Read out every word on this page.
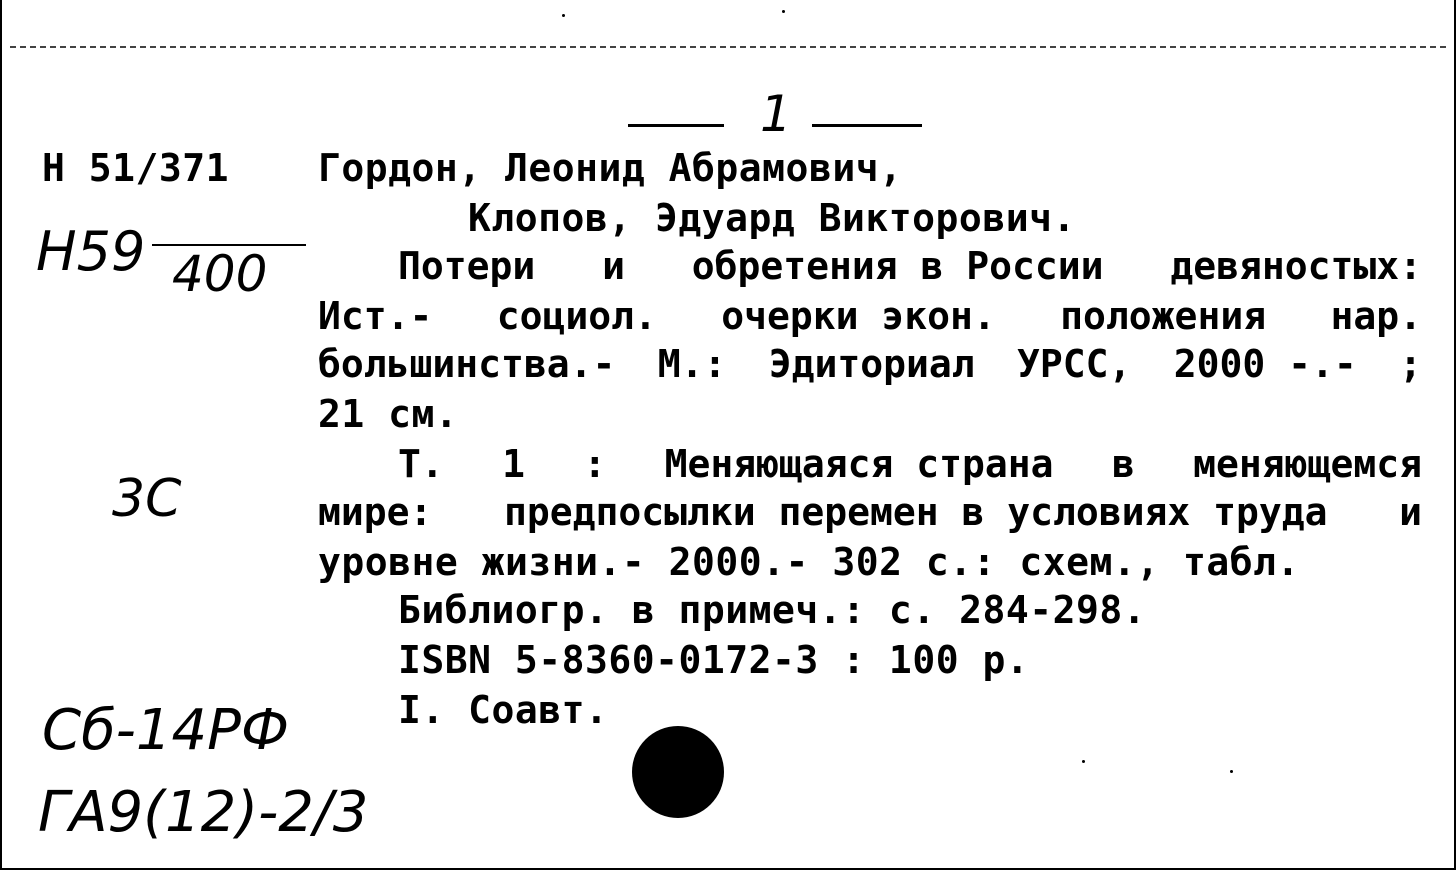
1
Н 51/371 Гордон, Леонид Абрамович,
Клопов, Эдуард Викторович.
Потери и обретения в России девяностых:
Ист.- социол. очерки экон. положения нар.
большинства.- М.: Эдиториал УРСС, 2000 -.- ;
21 см.
Т. 1 : Меняющаяся страна в меняющемся
мире: предпосылки перемен в условиях труда и
уровне жизни.- 2000.- 302 с.: схем., табл.
Библиогр. в примеч.: с. 284-298.
ISBN 5-8360-0172-3 : 100 р.
I. Соавт.
Н59 400
3С
Сб-14РФ
ГА9(12)-2/3
